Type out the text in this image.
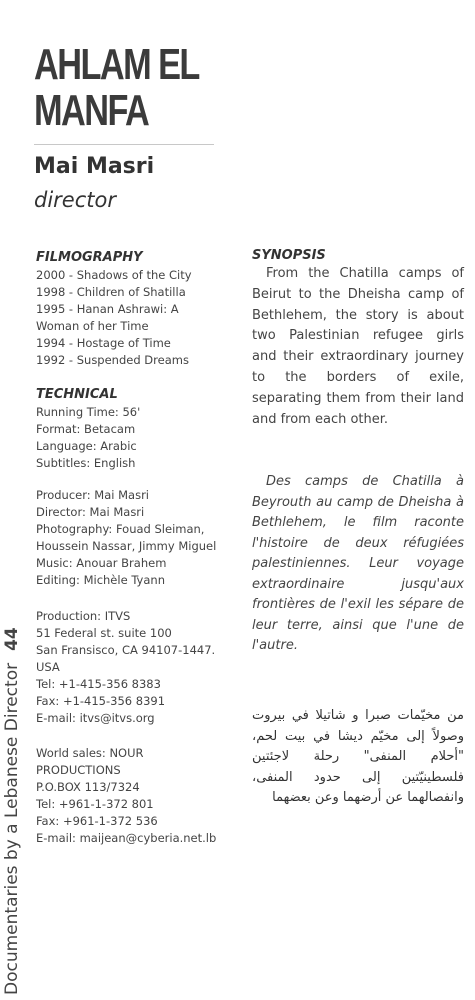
AHLAM EL
MANFA
Mai Masri
director
FILMOGRAPHY
2000 - Shadows of the City
1998 - Children of Shatilla
1995 - Hanan Ashrawi: A
Woman of her Time
1994 - Hostage of Time
1992 - Suspended Dreams
TECHNICAL
Running Time: 56'
Format: Betacam
Language: Arabic
Subtitles: English
Producer: Mai Masri
Director: Mai Masri
Photography: Fouad Sleiman,
Houssein Nassar, Jimmy Miguel
Music: Anouar Brahem
Editing: Michèle Tyann
Production: ITVS
51 Federal st. suite 100
San Fransisco, CA 94107-1447.
USA
Tel: +1-415-356 8383
Fax: +1-415-356 8391
E-mail: itvs@itvs.org
World sales: NOUR
PRODUCTIONS
P.O.BOX 113/7324
Tel: +961-1-372 801
Fax: +961-1-372 536
E-mail: maijean@cyberia.net.lb
SYNOPSIS
From the Chatilla camps of Beirut to the Dheisha camp of Bethlehem, the story is about two Palestinian refugee girls and their extraordinary journey to the borders of exile, separating them from their land and from each other.
Des camps de Chatilla à Beyrouth au camp de Dheisha à Bethlehem, le film raconte l'histoire de deux réfugiées palestiniennes. Leur voyage extraordinaire jusqu'aux frontières de l'exil les sépare de leur terre, ainsi que l'une de l'autre.
من مخيّمات صبرا و شاتيلا في بيروت وصولاً إلى مخيّم ديشا في بيت لحم، "أحلام المنفى" رحلة لاجئتين فلسطينيّتين إلى حدود المنفى، وانفصالهما عن أرضهما وعن بعضهما
Documentaries by a Lebanese Director44
